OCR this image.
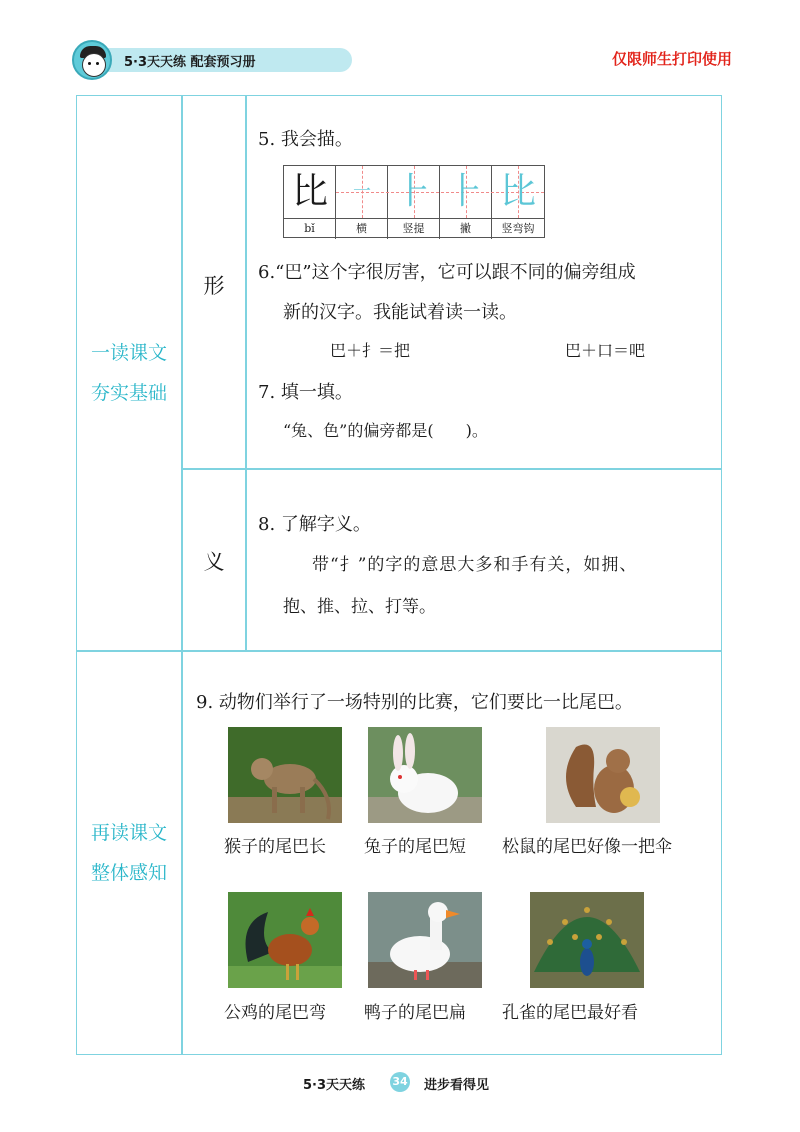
5·3天天练 配套预习册	仅限师生打印使用
一读课文
夯实基础
再读课文
整体感知
形
义
5. 我会描。
比	一 ⺊ ⺊ 比
bǐ	横	竖提	撇	竖弯钩
6.“巴”这个字很厉害，它可以跟不同的偏旁组成
新的汉字。我能试着读一读。
巴＋扌＝把	巴＋口＝吧
7. 填一填。
“兔、色”的偏旁都是(　　)。
8. 了解字义。
带“扌”的字的意思大多和手有关，如拥、
抱、推、拉、打等。
9. 动物们举行了一场特别的比赛，它们要比一比尾巴。
猴子的尾巴长 兔子的尾巴短 松鼠的尾巴好像一把伞
公鸡的尾巴弯 鸭子的尾巴扁 孔雀的尾巴最好看
5·3天天练 34 进步看得见
